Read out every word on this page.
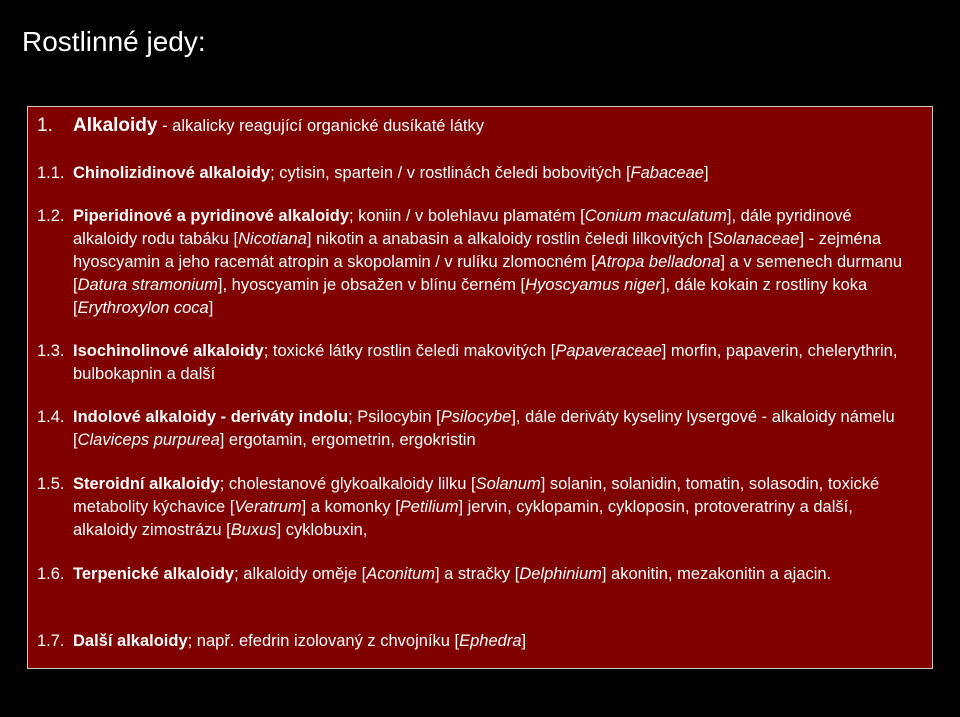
Rostlinné jedy:
1. Alkaloidy - alkalicky reagující organické dusíkaté látky
1.1. Chinolizidinové alkaloidy; cytisin, spartein / v rostlinách čeledi bobovitých [Fabaceae]
1.2. Piperidinové a pyridinové alkaloidy; koniin / v bolehlavu plamatém [Conium maculatum], dále pyridinové alkaloidy rodu tabáku [Nicotiana] nikotin a anabasin a alkaloidy rostlin čeledi lilkovitých [Solanaceae] - zejména hyoscyamin a jeho racemát atropin a skopolamin / v rulíku zlomocném [Atropa belladona] a v semenech durmanu [Datura stramonium], hyoscyamin je obsažen v blínu černém [Hyoscyamus niger], dále kokain z rostliny koka [Erythroxylon coca]
1.3. Isochinolinové alkaloidy; toxické látky rostlin čeledi makovitých [Papaveraceae] morfin, papaverin, chelerythrin, bulbokapnin a další
1.4. Indolové alkaloidy - deriváty indolu; Psilocybin [Psilocybe], dále deriváty kyseliny lysergové - alkaloidy námelu [Claviceps purpurea] ergotamin, ergometrin, ergokristin
1.5. Steroidní alkaloidy; cholestanové glykoalkaloidy lilku [Solanum] solanin, solanidin, tomatin, solasodin, toxické metabolity kýchavice [Veratrum] a komonky [Petilium] jervin, cyklopamin, cykloposin, protoveratriny a další, alkaloidy zimostrázu [Buxus] cyklobuxin,
1.6. Terpenické alkaloidy; alkaloidy oměje [Aconitum] a stračky [Delphinium] akonitin, mezakonitin a ajacin.
1.7. Další alkaloidy; např. efedrin izolovaný z chvojníku [Ephedra]
